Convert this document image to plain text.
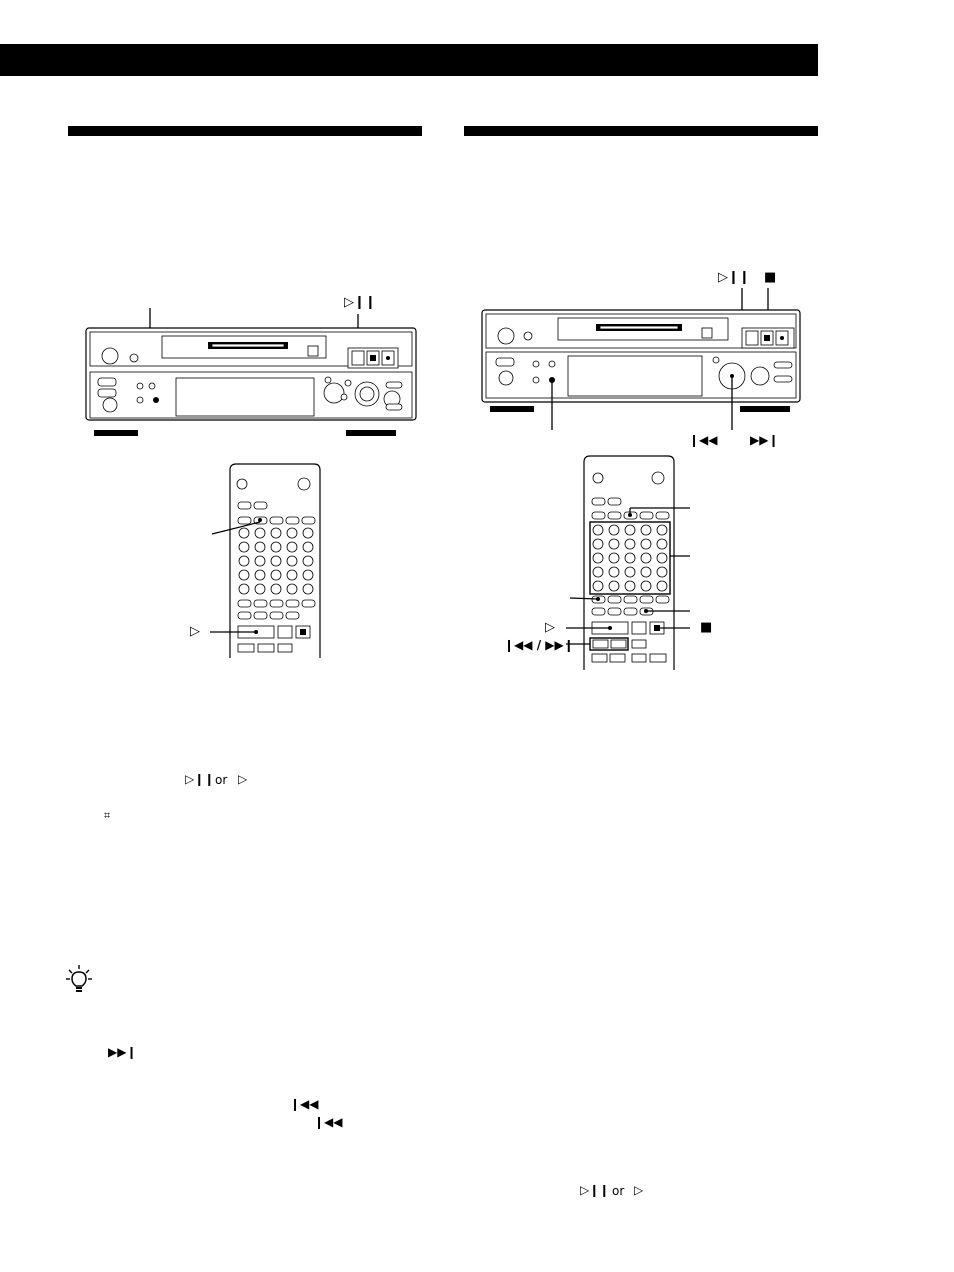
▷❙❙
▷
▷❙❙ or ▷
⌗
▶▶❙
❙◀◀
❙◀◀
▷❙❙ ■
❙◀◀	▶▶❙
▷	■
❙◀◀ / ▶▶❙
▷❙❙ or ▷
